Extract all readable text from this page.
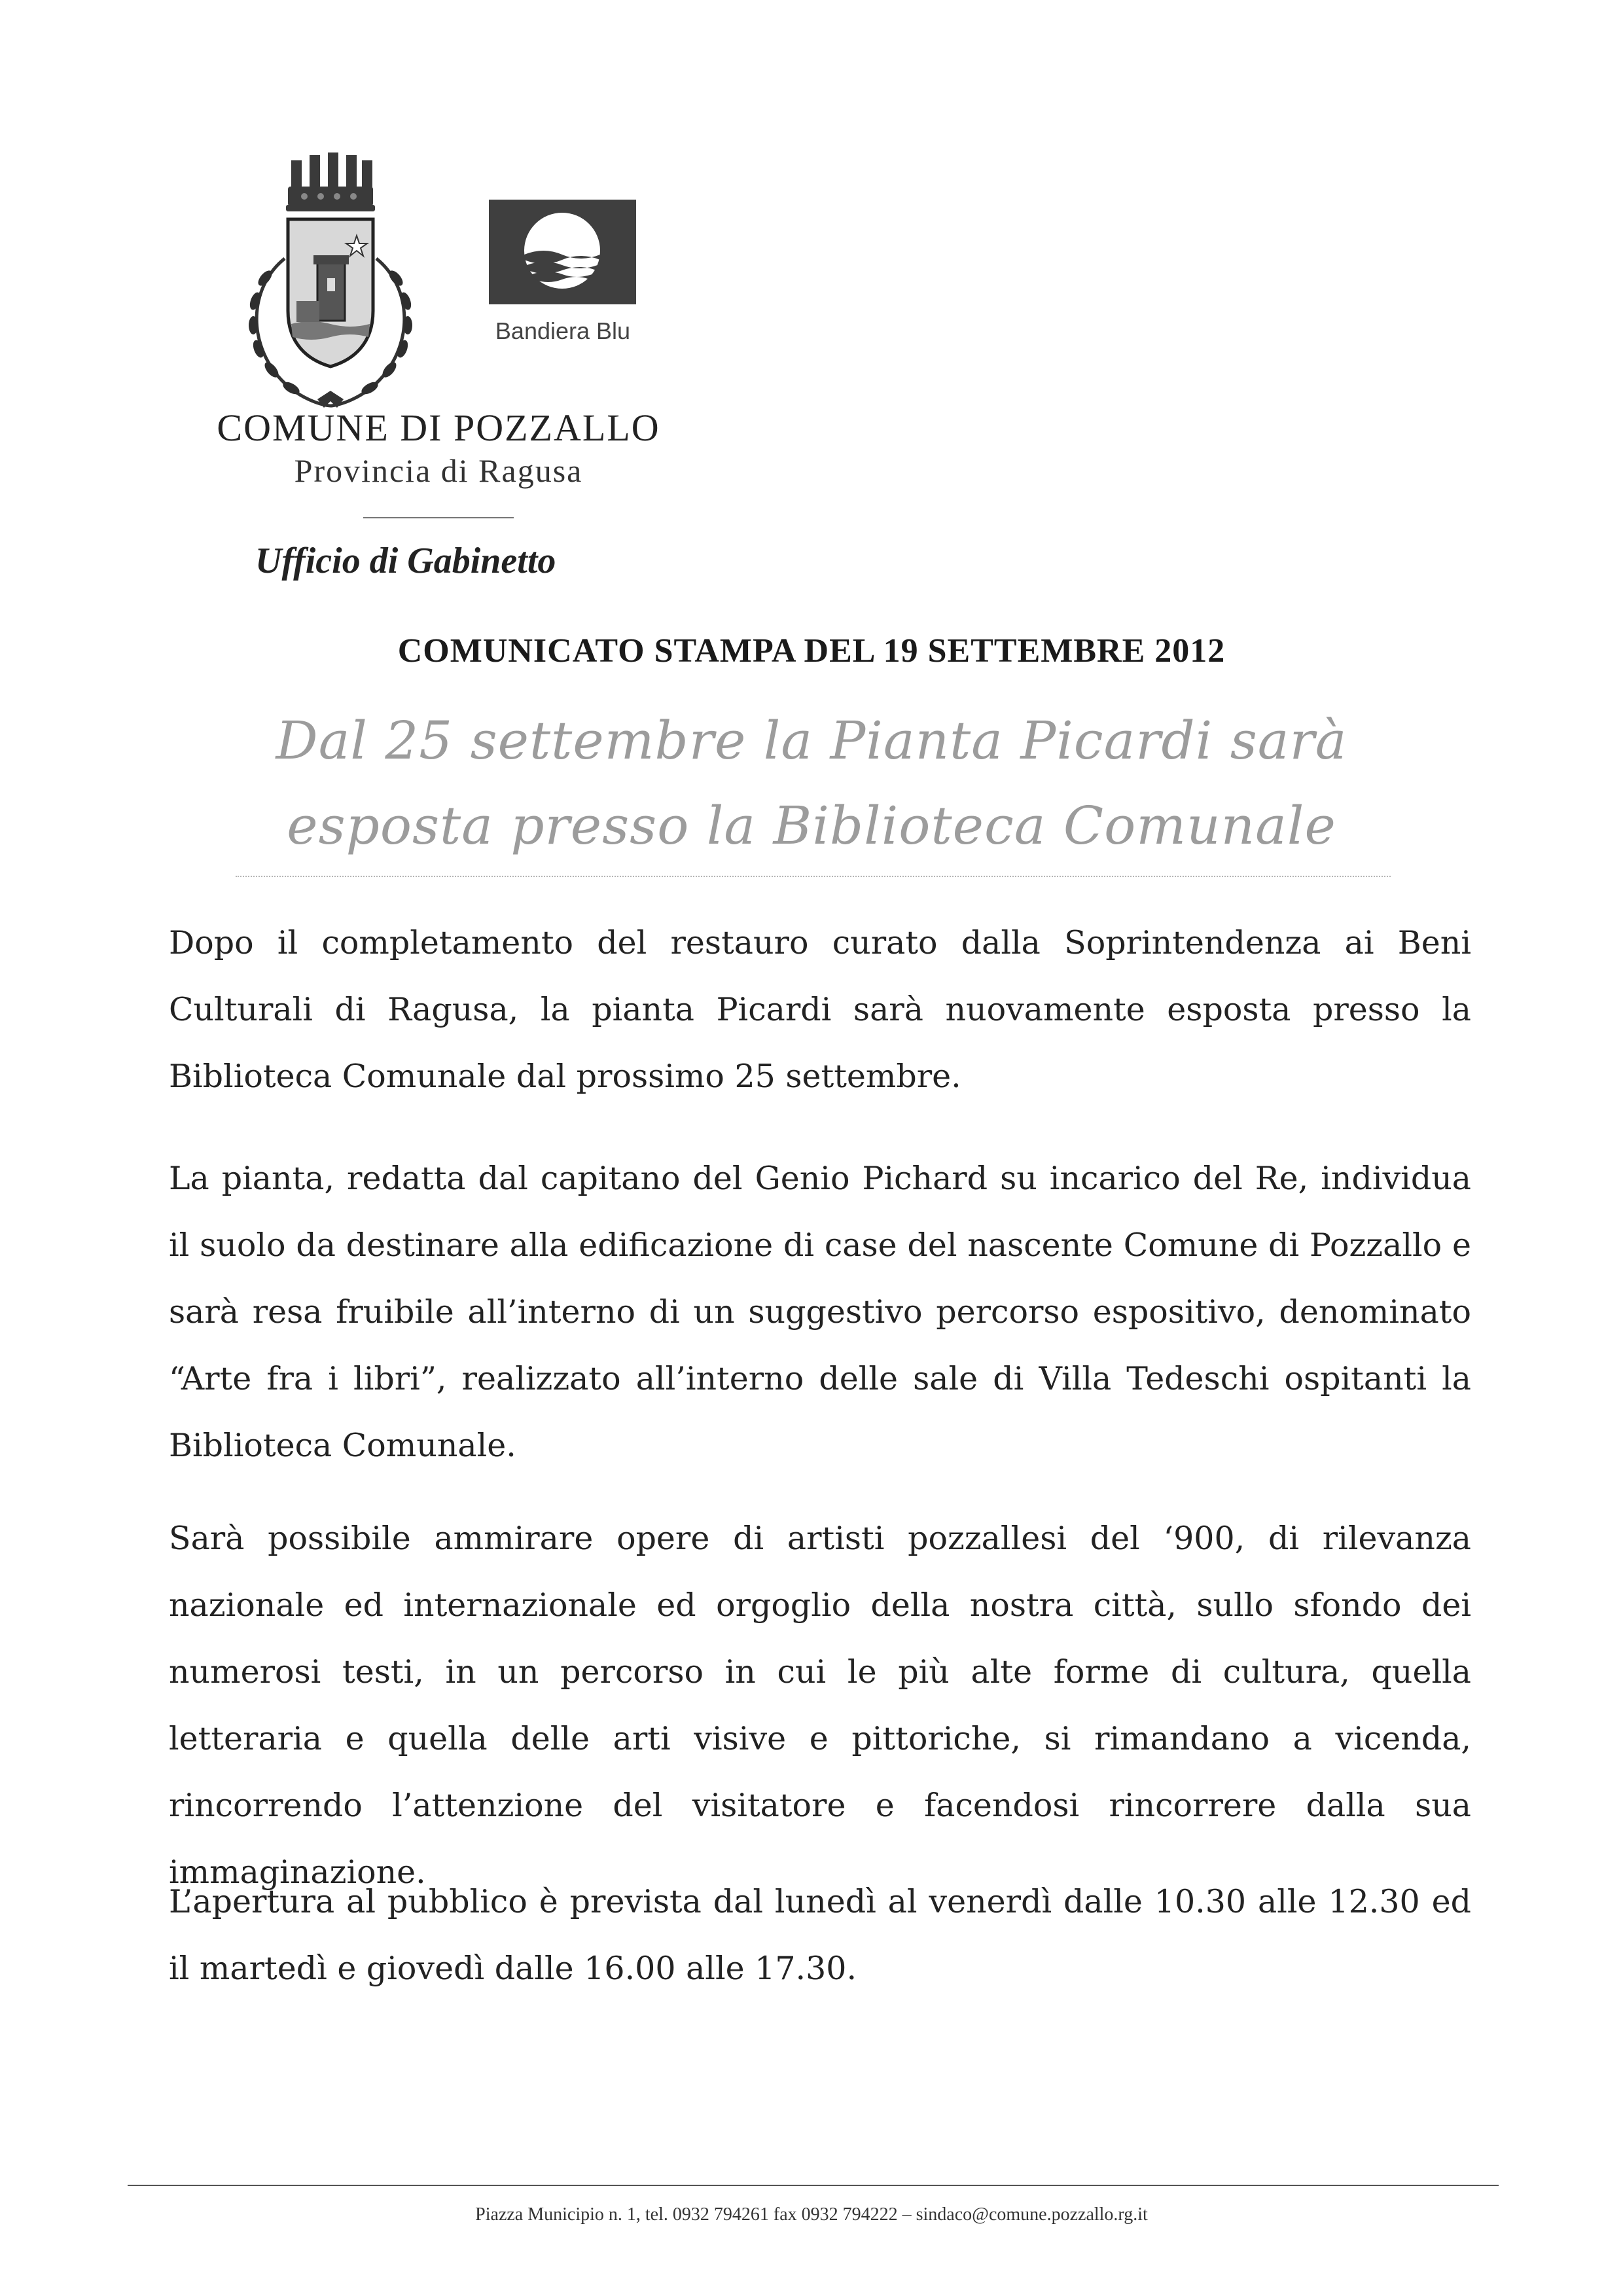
Bandiera Blu
COMUNE DI POZZALLO
Provincia di Ragusa
Ufficio di Gabinetto
COMUNICATO STAMPA DEL 19 SETTEMBRE 2012
Dal 25 settembre la Pianta Picardi sarà
esposta presso la Biblioteca Comunale
Dopo il completamento del restauro curato dalla Soprintendenza ai Beni Culturali di Ragusa, la pianta Picardi sarà nuovamente esposta presso la Biblioteca Comunale dal prossimo 25 settembre.
La pianta, redatta dal capitano del Genio Pichard su incarico del Re, individua il suolo da destinare alla edificazione di case del nascente Comune di Pozzallo e sarà resa fruibile all’interno di un suggestivo percorso espositivo, denominato “Arte fra i libri”, realizzato all’interno delle sale di Villa Tedeschi ospitanti la Biblioteca Comunale.
Sarà possibile ammirare opere di artisti pozzallesi del ‘900, di rilevanza nazionale ed internazionale ed orgoglio della nostra città, sullo sfondo dei numerosi testi, in un percorso in cui le più alte forme di cultura, quella letteraria e quella delle arti visive e pittoriche, si rimandano a vicenda, rincorrendo l’attenzione del visitatore e facendosi rincorrere dalla sua immaginazione.
L’apertura al pubblico è prevista dal lunedì al venerdì dalle 10.30 alle 12.30 ed il martedì e giovedì dalle 16.00 alle 17.30.
Piazza Municipio n. 1, tel. 0932 794261 fax 0932 794222 – sindaco@comune.pozzallo.rg.it
